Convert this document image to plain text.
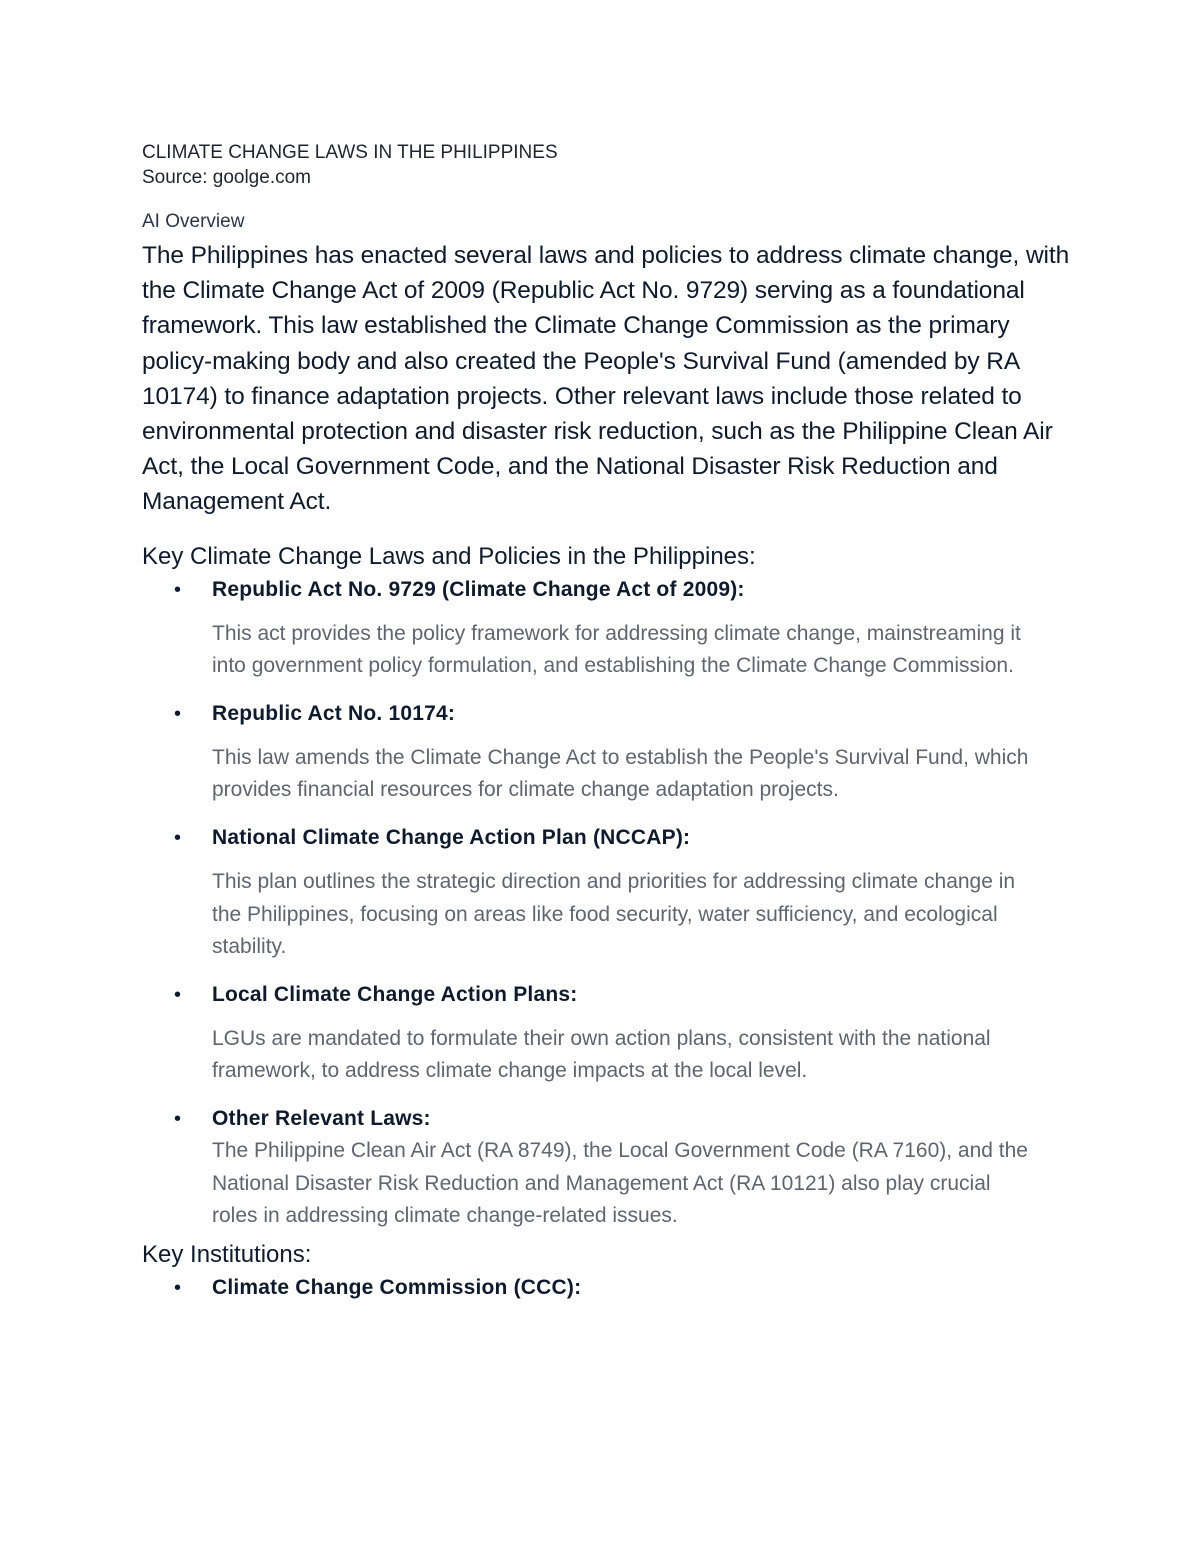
CLIMATE CHANGE LAWS IN THE PHILIPPINES

Source: goolge.com

AI Overview
The Philippines has enacted several laws and policies to address climate change, with the Climate Change Act of 2009 (Republic Act No. 9729) serving as a foundational framework. This law established the Climate Change Commission as the primary policy-making body and also created the People's Survival Fund (amended by RA 10174) to finance adaptation projects. Other relevant laws include those related to environmental protection and disaster risk reduction, such as the Philippine Clean Air Act, the Local Government Code, and the National Disaster Risk Reduction and Management Act.
Key Climate Change Laws and Policies in the Philippines:
• Republic Act No. 9729 (Climate Change Act of 2009):
This act provides the policy framework for addressing climate change, mainstreaming it into government policy formulation, and establishing the Climate Change Commission.
• Republic Act No. 10174:
This law amends the Climate Change Act to establish the People's Survival Fund, which provides financial resources for climate change adaptation projects.
• National Climate Change Action Plan (NCCAP):
This plan outlines the strategic direction and priorities for addressing climate change in the Philippines, focusing on areas like food security, water sufficiency, and ecological stability.
• Local Climate Change Action Plans:
LGUs are mandated to formulate their own action plans, consistent with the national framework, to address climate change impacts at the local level.
• Other Relevant Laws:
The Philippine Clean Air Act (RA 8749), the Local Government Code (RA 7160), and the National Disaster Risk Reduction and Management Act (RA 10121) also play crucial roles in addressing climate change-related issues.
Key Institutions:
• Climate Change Commission (CCC):
